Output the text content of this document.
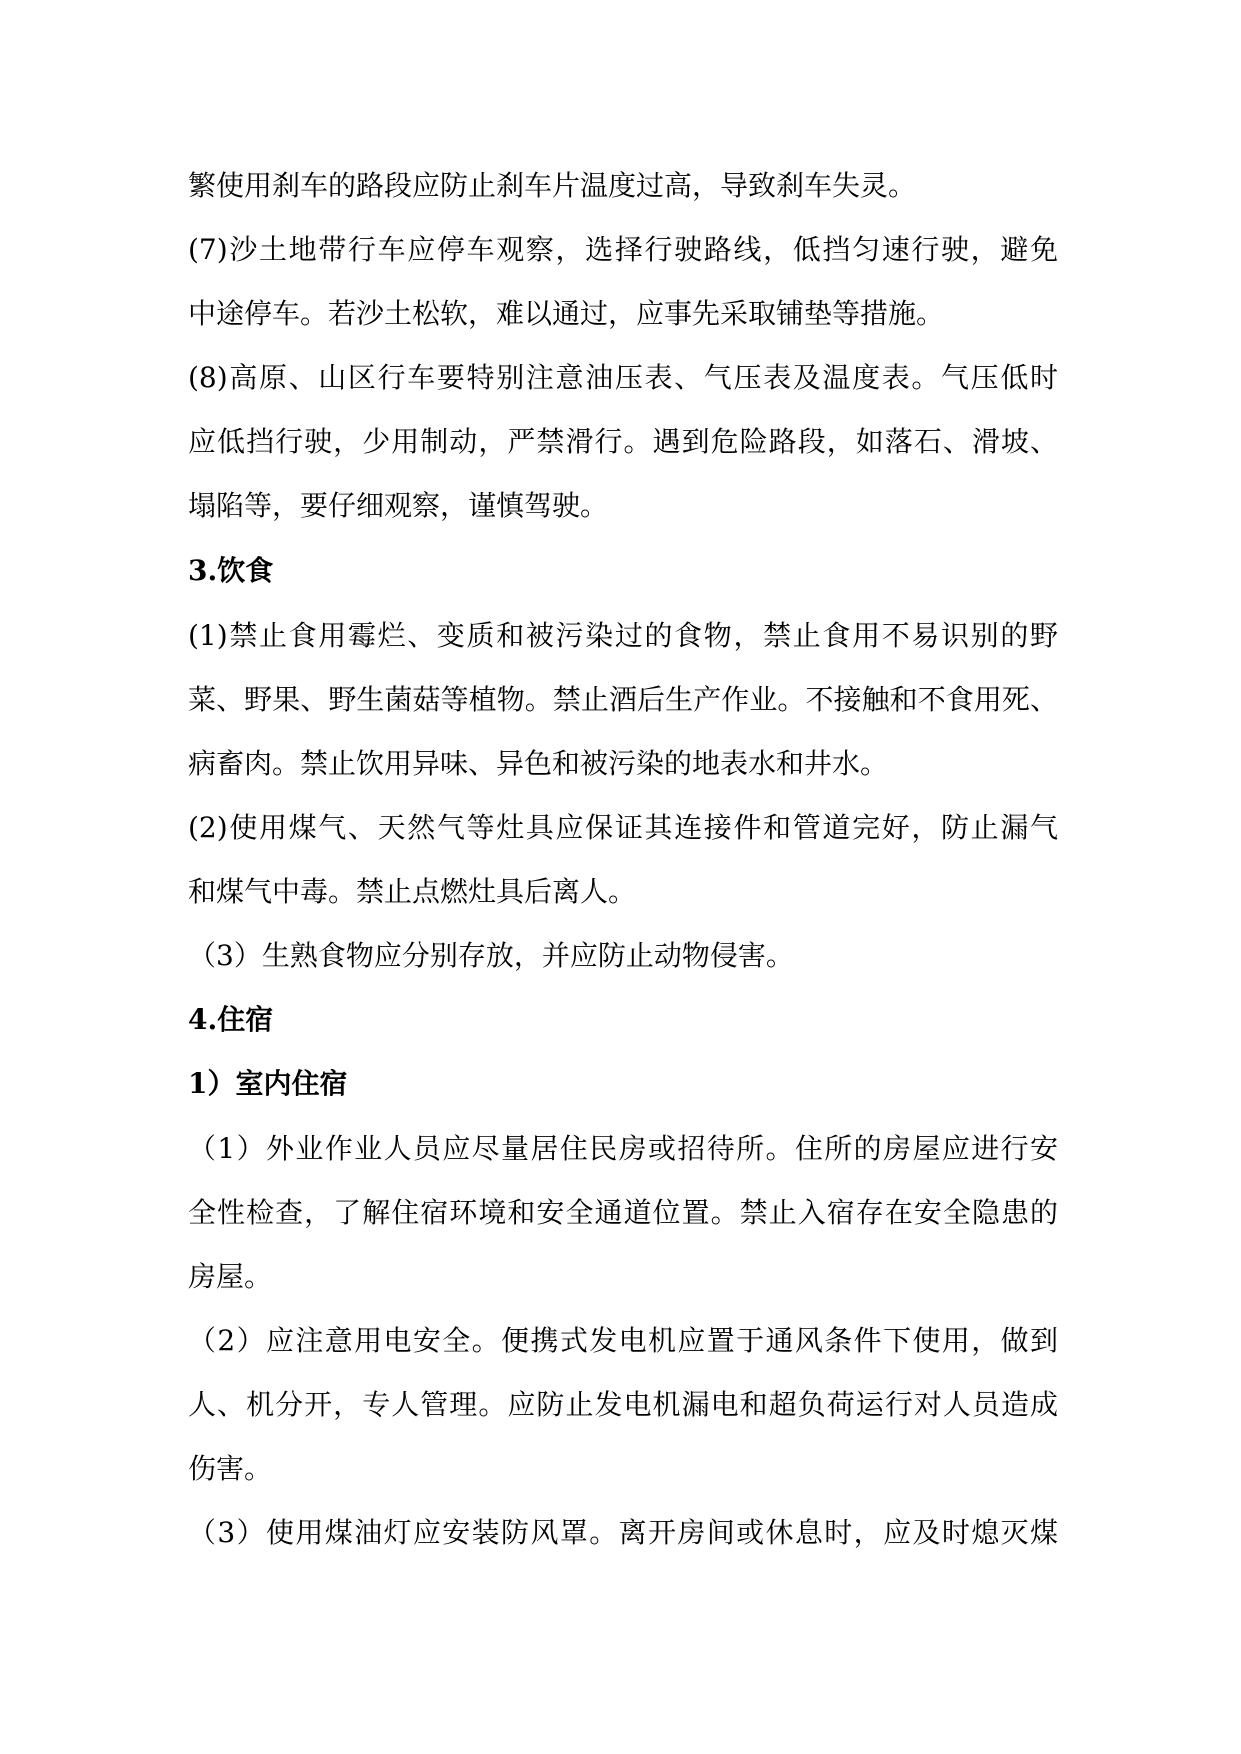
繁使用刹车的路段应防止刹车片温度过高，导致刹车失灵。
(7)沙土地带行车应停车观察，选择行驶路线，低挡匀速行驶，避免
中途停车。若沙土松软，难以通过，应事先采取铺垫等措施。
(8)高原、山区行车要特别注意油压表、气压表及温度表。气压低时
应低挡行驶，少用制动，严禁滑行。遇到危险路段，如落石、滑坡、
塌陷等，要仔细观察，谨慎驾驶。
3.饮食
(1)禁止食用霉烂、变质和被污染过的食物，禁止食用不易识别的野
菜、野果、野生菌菇等植物。禁止酒后生产作业。不接触和不食用死、
病畜肉。禁止饮用异味、异色和被污染的地表水和井水。
(2)使用煤气、天然气等灶具应保证其连接件和管道完好，防止漏气
和煤气中毒。禁止点燃灶具后离人。
（3）生熟食物应分别存放，并应防止动物侵害。
4.住宿
1）室内住宿
（1）外业作业人员应尽量居住民房或招待所。住所的房屋应进行安
全性检查，了解住宿环境和安全通道位置。禁止入宿存在安全隐患的
房屋。
（2）应注意用电安全。便携式发电机应置于通风条件下使用，做到
人、机分开，专人管理。应防止发电机漏电和超负荷运行对人员造成
伤害。
（3）使用煤油灯应安装防风罩。离开房间或休息时，应及时熄灭煤
